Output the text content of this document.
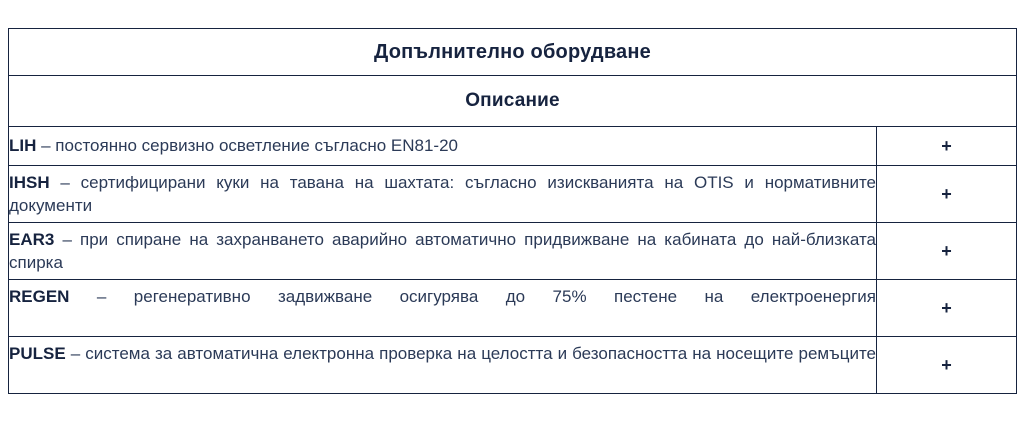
Допълнително оборудване	
Описание	
LIH – постоянно сервизно осветление съгласно EN81-20	+
IHSH – сертифицирани куки на тавана на шахтата: съгласно изискванията на OTIS и нормативните документи	+
EAR3 – при спиране на захранването аварийно автоматично придвижване на кабината до най-близката спирка	+
REGEN – регенеративно задвижване осигурява до 75% пестене на електроенергия	+
PULSE – система за автоматична електронна проверка на целостта и безопасността на носещите ремъците	+
